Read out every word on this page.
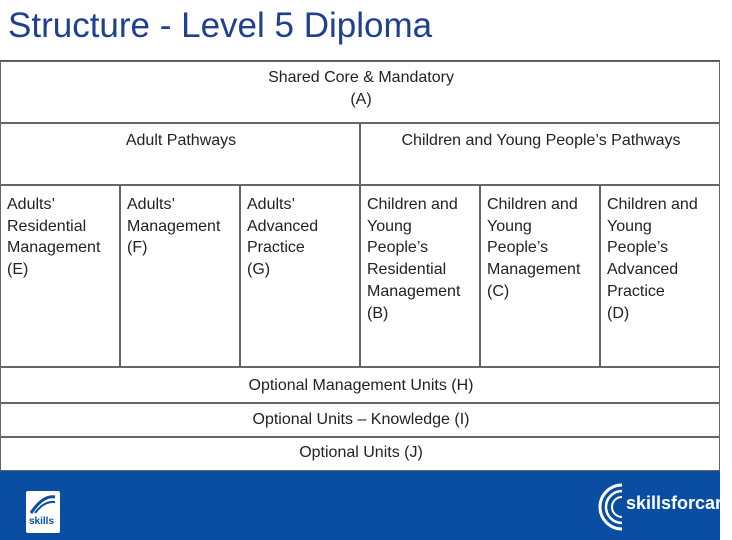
Structure - Level 5 Diploma
Shared Core & Mandatory
(A)
Adult Pathways	Children and Young People’s Pathways
Adults’
Residential
Management
(E)
Adults’
Management
(F)
Adults’
Advanced
Practice
(G)
Children and
Young
People’s
Residential
Management
(B)
Children and
Young
People’s
Management
(C)
Children and
Young
People’s
Advanced
Practice
(D)
Optional Management Units (H)
Optional Units – Knowledge (I)
Optional Units (J)
skills
skillsforcare
